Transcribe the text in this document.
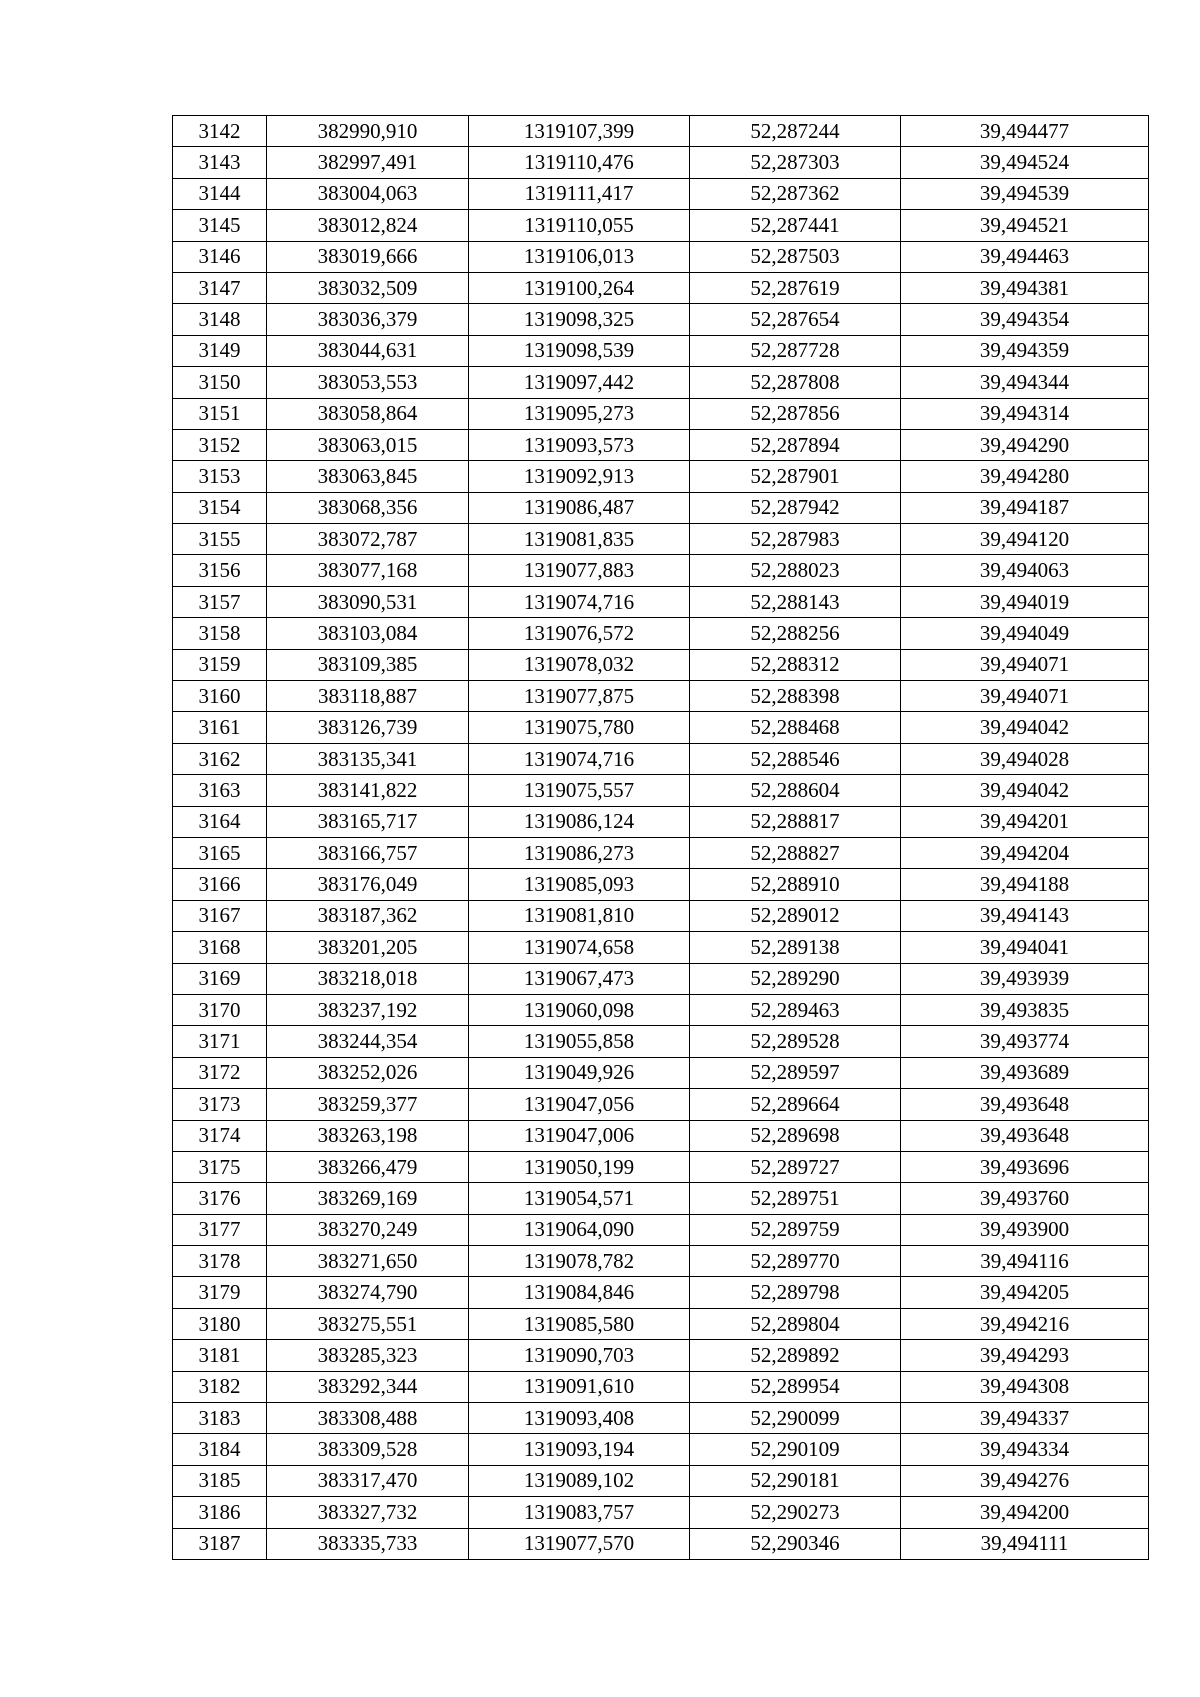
3142	382990,910	1319107,399	52,287244	39,494477
3143	382997,491	1319110,476	52,287303	39,494524
3144	383004,063	1319111,417	52,287362	39,494539
3145	383012,824	1319110,055	52,287441	39,494521
3146	383019,666	1319106,013	52,287503	39,494463
3147	383032,509	1319100,264	52,287619	39,494381
3148	383036,379	1319098,325	52,287654	39,494354
3149	383044,631	1319098,539	52,287728	39,494359
3150	383053,553	1319097,442	52,287808	39,494344
3151	383058,864	1319095,273	52,287856	39,494314
3152	383063,015	1319093,573	52,287894	39,494290
3153	383063,845	1319092,913	52,287901	39,494280
3154	383068,356	1319086,487	52,287942	39,494187
3155	383072,787	1319081,835	52,287983	39,494120
3156	383077,168	1319077,883	52,288023	39,494063
3157	383090,531	1319074,716	52,288143	39,494019
3158	383103,084	1319076,572	52,288256	39,494049
3159	383109,385	1319078,032	52,288312	39,494071
3160	383118,887	1319077,875	52,288398	39,494071
3161	383126,739	1319075,780	52,288468	39,494042
3162	383135,341	1319074,716	52,288546	39,494028
3163	383141,822	1319075,557	52,288604	39,494042
3164	383165,717	1319086,124	52,288817	39,494201
3165	383166,757	1319086,273	52,288827	39,494204
3166	383176,049	1319085,093	52,288910	39,494188
3167	383187,362	1319081,810	52,289012	39,494143
3168	383201,205	1319074,658	52,289138	39,494041
3169	383218,018	1319067,473	52,289290	39,493939
3170	383237,192	1319060,098	52,289463	39,493835
3171	383244,354	1319055,858	52,289528	39,493774
3172	383252,026	1319049,926	52,289597	39,493689
3173	383259,377	1319047,056	52,289664	39,493648
3174	383263,198	1319047,006	52,289698	39,493648
3175	383266,479	1319050,199	52,289727	39,493696
3176	383269,169	1319054,571	52,289751	39,493760
3177	383270,249	1319064,090	52,289759	39,493900
3178	383271,650	1319078,782	52,289770	39,494116
3179	383274,790	1319084,846	52,289798	39,494205
3180	383275,551	1319085,580	52,289804	39,494216
3181	383285,323	1319090,703	52,289892	39,494293
3182	383292,344	1319091,610	52,289954	39,494308
3183	383308,488	1319093,408	52,290099	39,494337
3184	383309,528	1319093,194	52,290109	39,494334
3185	383317,470	1319089,102	52,290181	39,494276
3186	383327,732	1319083,757	52,290273	39,494200
3187	383335,733	1319077,570	52,290346	39,494111
